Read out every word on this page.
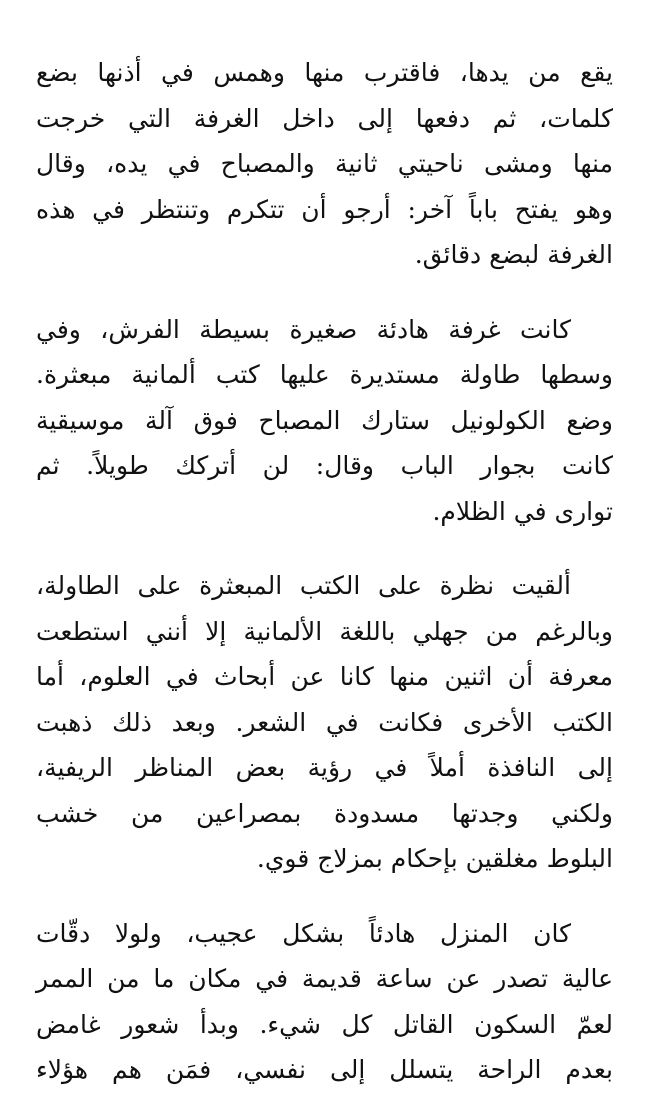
يقع من يدها، فاقترب منها وهمس في أذنها بضع
كلمات، ثم دفعها إلى داخل الغرفة التي خرجت
منها ومشى ناحيتي ثانية والمصباح في يده، وقال
وهو يفتح باباً آخر: أرجو أن تتكرم وتنتظر في هذه
الغرفة لبضع دقائق.

كانت غرفة هادئة صغيرة بسيطة الفرش، وفي
وسطها طاولة مستديرة عليها كتب ألمانية مبعثرة.
وضع الكولونيل ستارك المصباح فوق آلة موسيقية
كانت بجوار الباب وقال: لن أتركك طويلاً. ثم
توارى في الظلام.

ألقيت نظرة على الكتب المبعثرة على الطاولة،
وبالرغم من جهلي باللغة الألمانية إلا أنني استطعت
معرفة أن اثنين منها كانا عن أبحاث في العلوم، أما
الكتب الأخرى فكانت في الشعر. وبعد ذلك ذهبت
إلى النافذة أملاً في رؤية بعض المناظر الريفية،
ولكني وجدتها مسدودة بمصراعين من خشب
البلوط مغلقين بإحكام بمزلاج قوي.

كان المنزل هادئاً بشكل عجيب، ولولا دقّات
عالية تصدر عن ساعة قديمة في مكان ما من الممر
لعمّ السكون القاتل كل شيء. وبدأ شعور غامض
بعدم الراحة يتسلل إلى نفسي، فمَن هم هؤلاء
